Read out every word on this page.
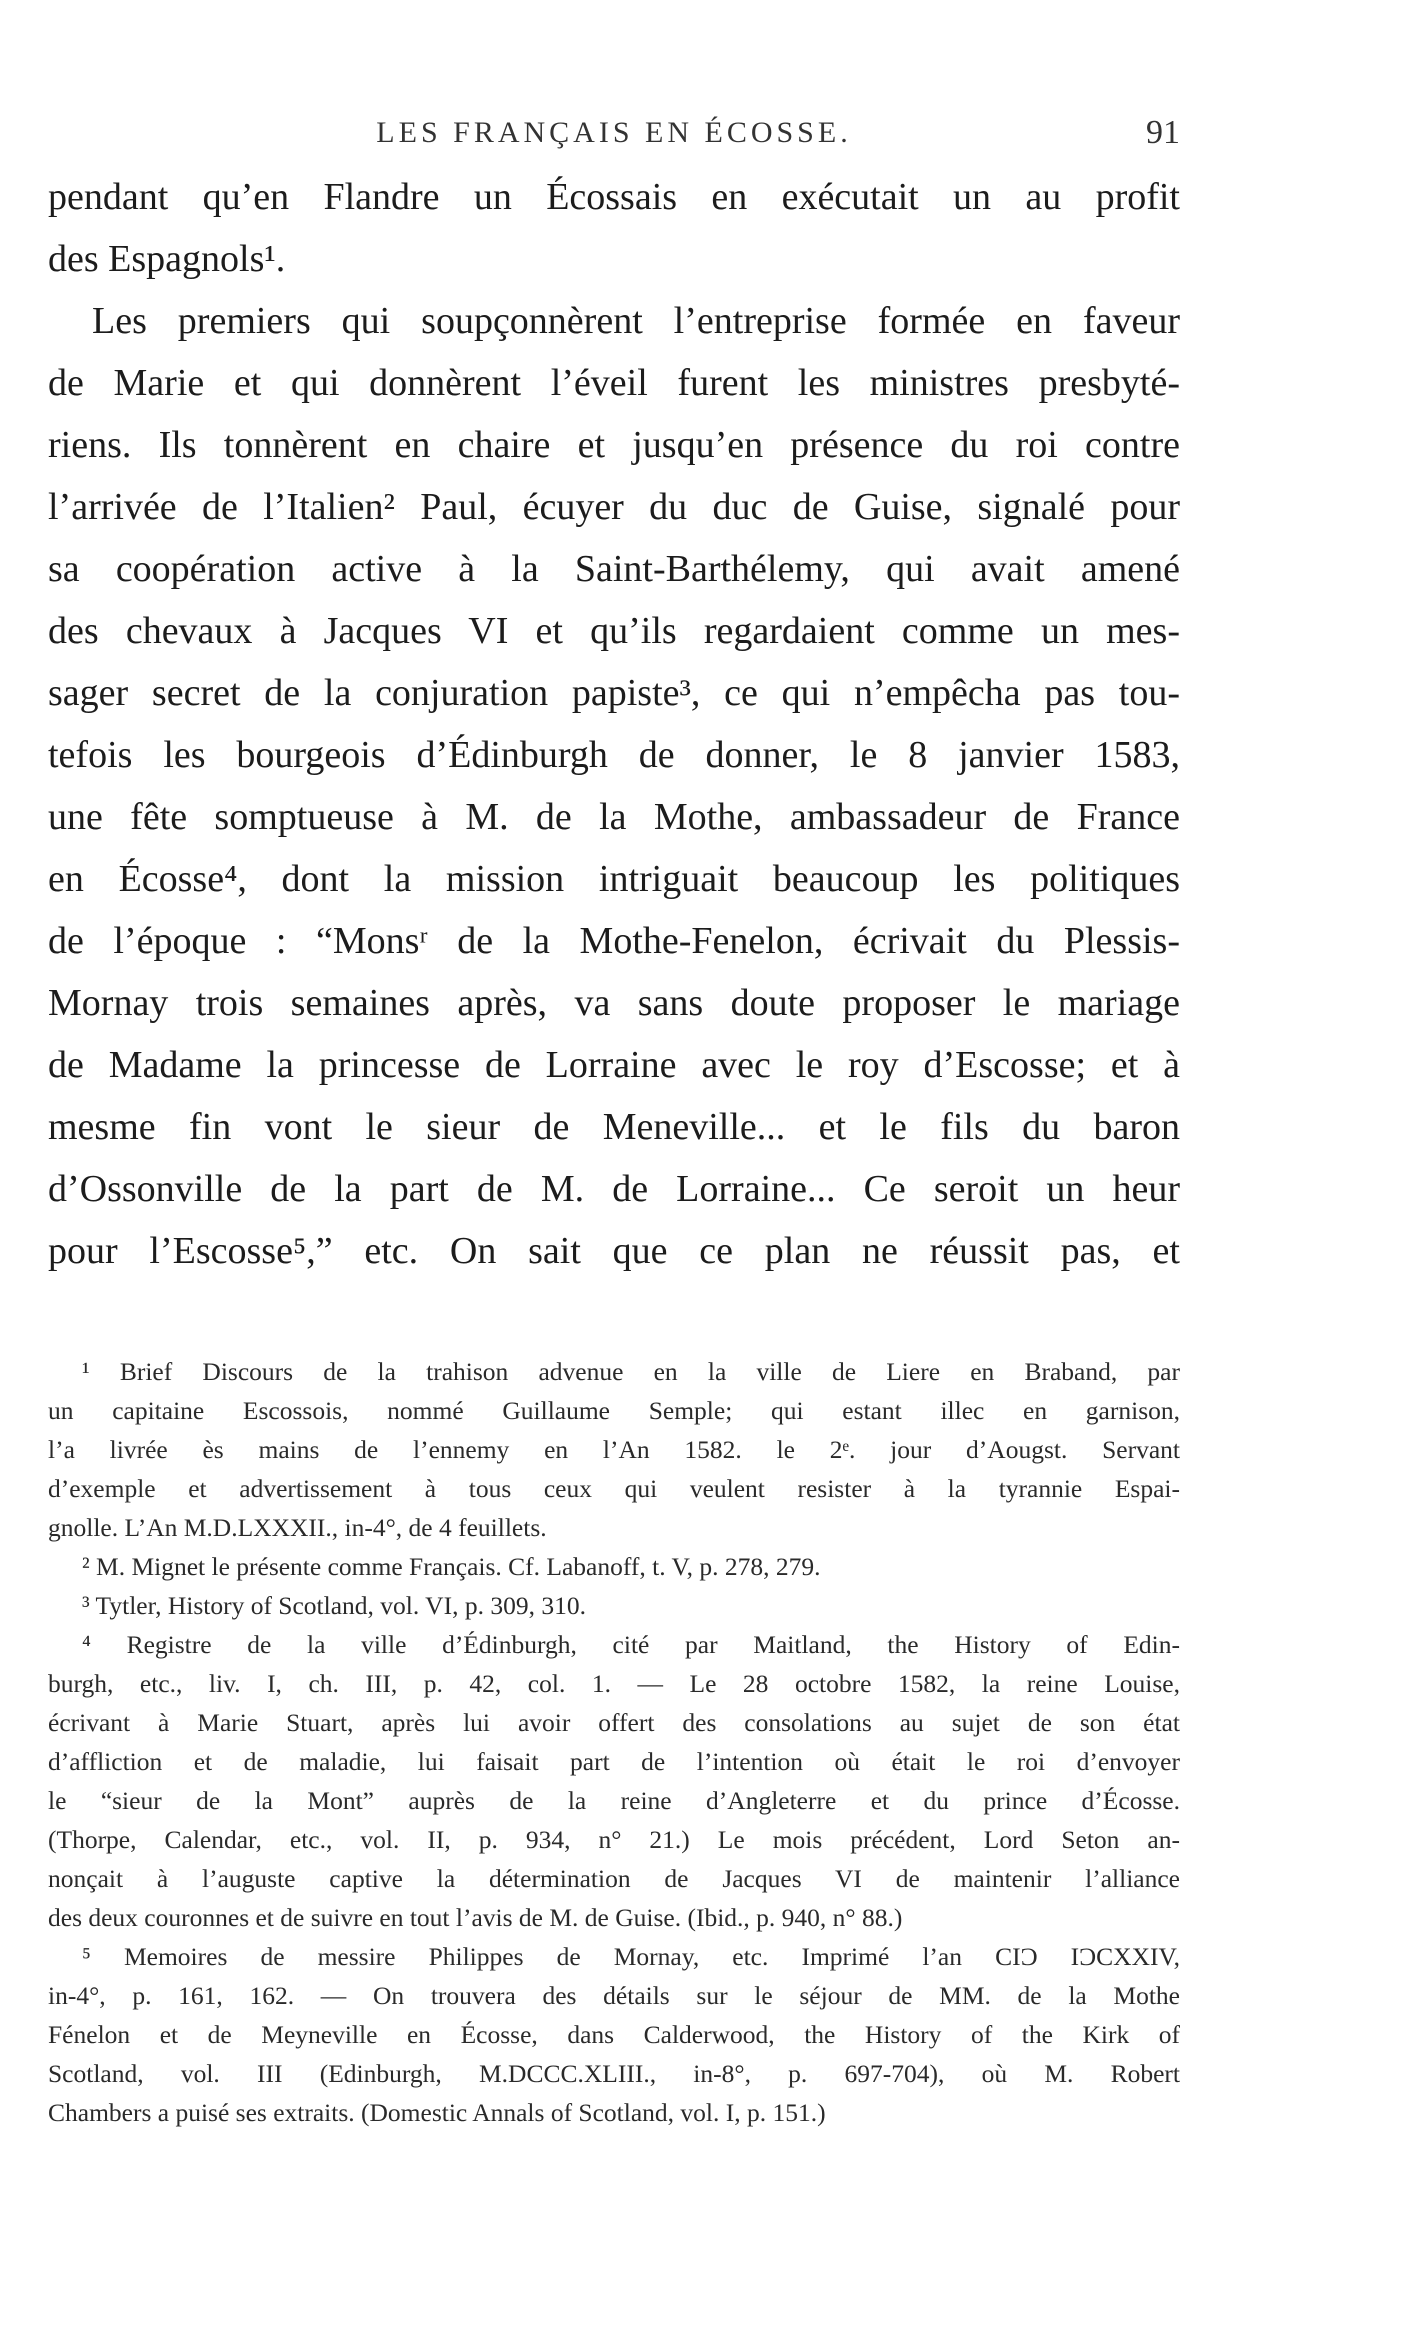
LES FRANÇAIS EN ÉCOSSE.	91
pendant qu’en Flandre un Écossais en exécutait un au profit
des Espagnols¹.
Les premiers qui soupçonnèrent l’entreprise formée en faveur
de Marie et qui donnèrent l’éveil furent les ministres presbyté-
riens. Ils tonnèrent en chaire et jusqu’en présence du roi contre
l’arrivée de l’Italien² Paul, écuyer du duc de Guise, signalé pour
sa coopération active à la Saint-Barthélemy, qui avait amené
des chevaux à Jacques VI et qu’ils regardaient comme un mes-
sager secret de la conjuration papiste³, ce qui n’empêcha pas tou-
tefois les bourgeois d’Édinburgh de donner, le 8 janvier 1583,
une fête somptueuse à M. de la Mothe, ambassadeur de France
en Écosse⁴, dont la mission intriguait beaucoup les politiques
de l’époque : “Monsʳ de la Mothe-Fenelon, écrivait du Plessis-
Mornay trois semaines après, va sans doute proposer le mariage
de Madame la princesse de Lorraine avec le roy d’Escosse; et à
mesme fin vont le sieur de Meneville... et le fils du baron
d’Ossonville de la part de M. de Lorraine... Ce seroit un heur
pour l’Escosse⁵,” etc. On sait que ce plan ne réussit pas, et
¹ Brief Discours de la trahison advenue en la ville de Liere en Braband, par
un capitaine Escossois, nommé Guillaume Semple; qui estant illec en garnison,
l’a livrée ès mains de l’ennemy en l’An 1582. le 2ᵉ. jour d’Aougst. Servant
d’exemple et advertissement à tous ceux qui veulent resister à la tyrannie Espai-
gnolle. L’An M.D.LXXXII., in-4°, de 4 feuillets.
² M. Mignet le présente comme Français. Cf. Labanoff, t. V, p. 278, 279.
³ Tytler, History of Scotland, vol. VI, p. 309, 310.
⁴ Registre de la ville d’Édinburgh, cité par Maitland, the History of Edin-
burgh, etc., liv. I, ch. III, p. 42, col. 1. — Le 28 octobre 1582, la reine Louise,
écrivant à Marie Stuart, après lui avoir offert des consolations au sujet de son état
d’affliction et de maladie, lui faisait part de l’intention où était le roi d’envoyer
le “sieur de la Mont” auprès de la reine d’Angleterre et du prince d’Écosse.
(Thorpe, Calendar, etc., vol. II, p. 934, n° 21.) Le mois précédent, Lord Seton an-
nonçait à l’auguste captive la détermination de Jacques VI de maintenir l’alliance
des deux couronnes et de suivre en tout l’avis de M. de Guise. (Ibid., p. 940, n° 88.)
⁵ Memoires de messire Philippes de Mornay, etc. Imprimé l’an CIƆ IƆCXXIV,
in-4°, p. 161, 162. — On trouvera des détails sur le séjour de MM. de la Mothe
Fénelon et de Meyneville en Écosse, dans Calderwood, the History of the Kirk of
Scotland, vol. III (Edinburgh, M.DCCC.XLIII., in-8°, p. 697-704), où M. Robert
Chambers a puisé ses extraits. (Domestic Annals of Scotland, vol. I, p. 151.)
